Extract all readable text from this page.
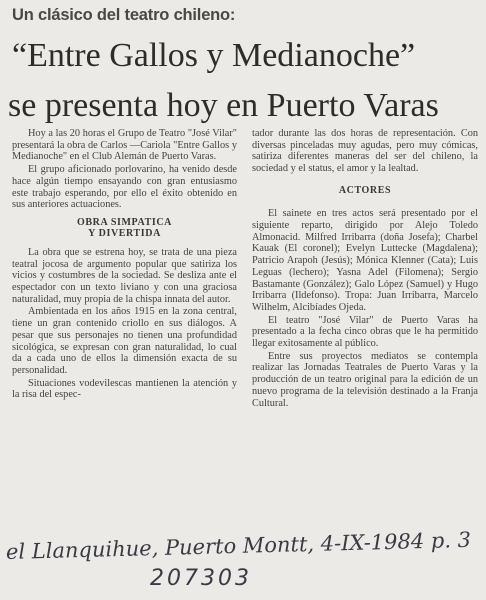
Un clásico del teatro chileno:
“Entre Gallos y Medianoche”
se presenta hoy en Puerto Varas

Hoy a las 20 horas el Grupo de Teatro "José Vilar" presentará la obra de Carlos —Cariola "Entre Gallos y Medianoche" en el Club Alemán de Puerto Varas.

El grupo aficionado porlovarino, ha venido desde hace algún tiempo ensayando con gran entusiasmo este trabajo esperando, por ello el éxito obtenido en sus anteriores actuaciones.

OBRA SIMPATICA
Y DIVERTIDA

La obra que se estrena hoy, se trata de una pieza teatral jocosa de argumento popular que satiriza los vicios y costumbres de la sociedad. Se desliza ante el espectador con un texto liviano y con una graciosa naturalidad, muy propia de la chispa innata del autor.

Ambientada en los años 1915 en la zona central, tiene un gran contenido criollo en sus diálogos. A pesar que sus personajes no tienen una profundidad sicológica, se expresan con gran naturalidad, lo cual da a cada uno de ellos la dimensión exacta de su personalidad.

Situaciones vodevilescas mantienen la atención y la risa del espec-

tador durante las dos horas de representación. Con diversas pinceladas muy agudas, pero muy cómicas, satiriza diferentes maneras del ser del chileno, la sociedad y el status, el amor y la lealtad.

ACTORES

El sainete en tres actos será presentado por el siguiente reparto, dirigido por Alejo Toledo Almonacid. Milfred Irribarra (doña Josefa); Charbel Kauak (El coronel); Evelyn Luttecke (Magdalena); Patricio Arapoh (Jesús); Mónica Klenner (Cata); Luis Leguas (lechero); Yasna Adel (Filomena); Sergio Bastamante (González); Galo López (Samuel) y Hugo Irribarra (Ildefonso). Tropa: Juan Irribarra, Marcelo Wilhelm, Alcibíades Ojeda.

El teatro "José Vilar" de Puerto Varas ha presentado a la fecha cinco obras que le ha permitido llegar exitosamente al público.

Entre sus proyectos mediatos se contempla realizar las Jornadas Teatrales de Puerto Varas y la producción de un teatro original para la edición de un nuevo programa de la televisión destinado a la Franja Cultural.

el Llanquihue, Puerto Montt, 4-IX-1984 p. 3
207303
